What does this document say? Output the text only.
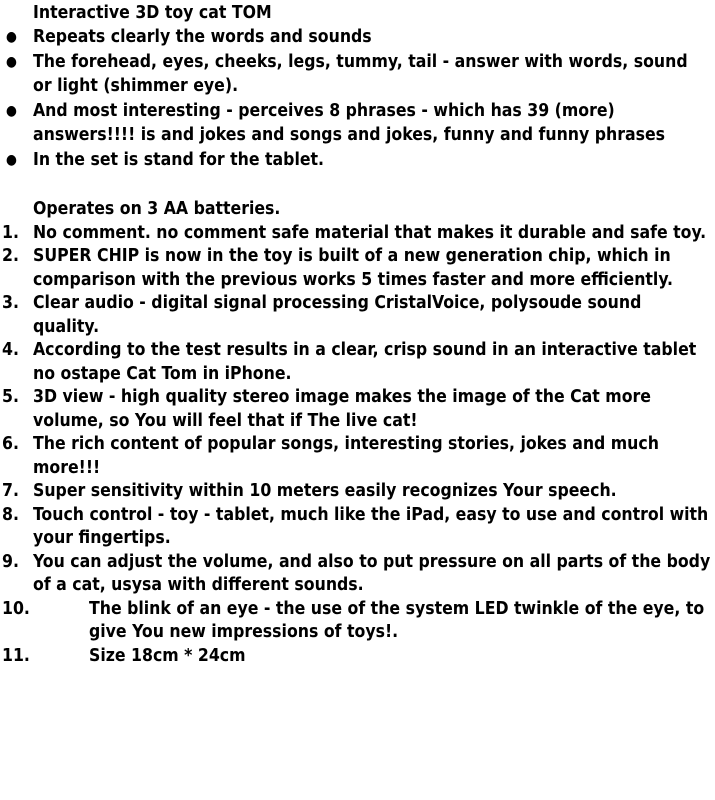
Interactive 3D toy cat TOM
● Repeats clearly the words and sounds
● The forehead, eyes, cheeks, legs, tummy, tail - answer with words, sound or light (shimmer eye).
● And most interesting - perceives 8 phrases - which has 39 (more) answers!!!! is and jokes and songs and jokes, funny and funny phrases
● In the set is stand for the tablet.
Operates on 3 AA batteries.
1. No comment. no comment safe material that makes it durable and safe toy.
2. SUPER CHIP is now in the toy is built of a new generation chip, which in comparison with the previous works 5 times faster and more efficiently.
3. Clear audio - digital signal processing CristalVoice, polysoude sound quality.
4. According to the test results in a clear, crisp sound in an interactive tablet no ostape Cat Tom in iPhone.
5. 3D view - high quality stereo image makes the image of the Cat more volume, so You will feel that if The live cat!
6. The rich content of popular songs, interesting stories, jokes and much more!!!
7. Super sensitivity within 10 meters easily recognizes Your speech.
8. Touch control - toy - tablet, much like the iPad, easy to use and control with your fingertips.
9. You can adjust the volume, and also to put pressure on all parts of the body of a cat, usysa with different sounds.
10.	The blink of an eye - the use of the system LED twinkle of the eye, to give You new impressions of toys!.
11.	Size 18cm * 24cm
